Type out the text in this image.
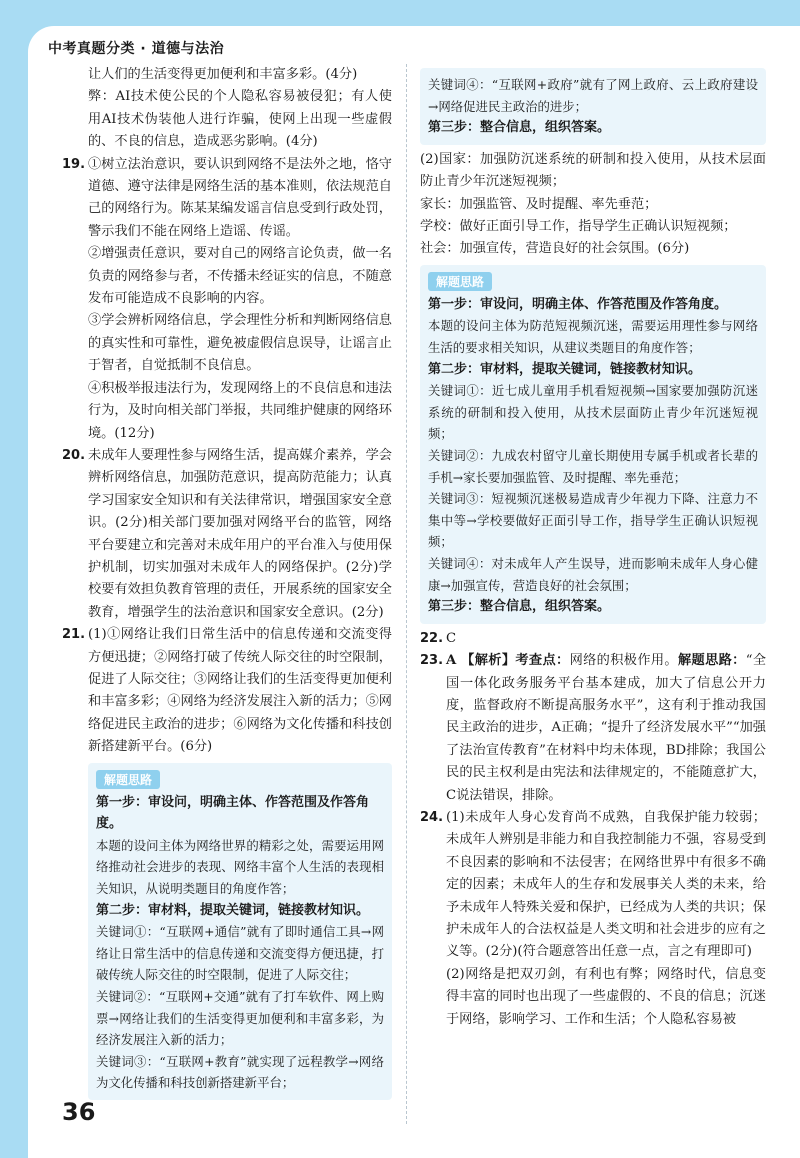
中考真题分类 · 道德与法治

让人们的生活变得更加便利和丰富多彩。(4分)

弊：AI技术使公民的个人隐私容易被侵犯；有人使用AI技术伪装他人进行诈骗，使网上出现一些虚假的、不良的信息，造成恶劣影响。(4分)

19. ①树立法治意识，要认识到网络不是法外之地，恪守道德、遵守法律是网络生活的基本准则，依法规范自己的网络行为。陈某某编发谣言信息受到行政处罚，警示我们不能在网络上造谣、传谣。

②增强责任意识，要对自己的网络言论负责，做一名负责的网络参与者，不传播未经证实的信息，不随意发布可能造成不良影响的内容。

③学会辨析网络信息，学会理性分析和判断网络信息的真实性和可靠性，避免被虚假信息误导，让谣言止于智者，自觉抵制不良信息。

④积极举报违法行为，发现网络上的不良信息和违法行为，及时向相关部门举报，共同维护健康的网络环境。(12分)

20. 未成年人要理性参与网络生活，提高媒介素养，学会辨析网络信息，加强防范意识，提高防范能力；认真学习国家安全知识和有关法律常识，增强国家安全意识。(2分)相关部门要加强对网络平台的监管，网络平台要建立和完善对未成年用户的平台准入与使用保护机制，切实加强对未成年人的网络保护。(2分)学校要有效担负教育管理的责任，开展系统的国家安全教育，增强学生的法治意识和国家安全意识。(2分)

21. (1)①网络让我们日常生活中的信息传递和交流变得方便迅捷；②网络打破了传统人际交往的时空限制，促进了人际交往；③网络让我们的生活变得更加便利和丰富多彩；④网络为经济发展注入新的活力；⑤网络促进民主政治的进步；⑥网络为文化传播和科技创新搭建新平台。(6分)

解题思路

第一步：审设问，明确主体、作答范围及作答角度。

本题的设问主体为网络世界的精彩之处，需要运用网络推动社会进步的表现、网络丰富个人生活的表现相关知识，从说明类题目的角度作答；

第二步：审材料，提取关键词，链接教材知识。

关键词①：“互联网+通信”就有了即时通信工具→网络让日常生活中的信息传递和交流变得方便迅捷，打破传统人际交往的时空限制，促进了人际交往；

关键词②：“互联网+交通”就有了打车软件、网上购票→网络让我们的生活变得更加便利和丰富多彩，为经济发展注入新的活力；

关键词③：“互联网+教育”就实现了远程教学→网络为文化传播和科技创新搭建新平台；

关键词④：“互联网+政府”就有了网上政府、云上政府建设→网络促进民主政治的进步；

第三步：整合信息，组织答案。

(2)国家：加强防沉迷系统的研制和投入使用，从技术层面防止青少年沉迷短视频；

家长：加强监管、及时提醒、率先垂范；

学校：做好正面引导工作，指导学生正确认识短视频；

社会：加强宣传，营造良好的社会氛围。(6分)

解题思路

第一步：审设问，明确主体、作答范围及作答角度。

本题的设问主体为防范短视频沉迷，需要运用理性参与网络生活的要求相关知识，从建议类题目的角度作答；

第二步：审材料，提取关键词，链接教材知识。

关键词①：近七成儿童用手机看短视频→国家要加强防沉迷系统的研制和投入使用，从技术层面防止青少年沉迷短视频；

关键词②：九成农村留守儿童长期使用专属手机或者长辈的手机→家长要加强监管、及时提醒、率先垂范；

关键词③：短视频沉迷极易造成青少年视力下降、注意力不集中等→学校要做好正面引导工作，指导学生正确认识短视频；

关键词④：对未成年人产生误导，进而影响未成年人身心健康→加强宣传，营造良好的社会氛围；

第三步：整合信息，组织答案。

22. C

23. A 【解析】考查点：网络的积极作用。解题思路：“全国一体化政务服务平台基本建成，加大了信息公开力度，监督政府不断提高服务水平”，这有利于推动我国民主政治的进步，A正确；“提升了经济发展水平”“加强了法治宣传教育”在材料中均未体现，BD排除；我国公民的民主权利是由宪法和法律规定的，不能随意扩大，C说法错误，排除。

24. (1)未成年人身心发育尚不成熟，自我保护能力较弱；未成年人辨别是非能力和自我控制能力不强，容易受到不良因素的影响和不法侵害；在网络世界中有很多不确定的因素；未成年人的生存和发展事关人类的未来，给予未成年人特殊关爱和保护，已经成为人类的共识；保护未成年人的合法权益是人类文明和社会进步的应有之义等。(2分)(符合题意答出任意一点，言之有理即可)

(2)网络是把双刃剑，有利也有弊；网络时代，信息变得丰富的同时也出现了一些虚假的、不良的信息；沉迷于网络，影响学习、工作和生活；个人隐私容易被

36
